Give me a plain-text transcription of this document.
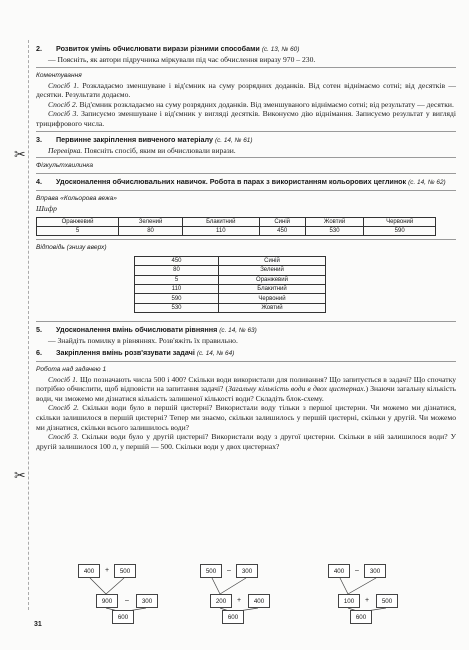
✂
✂
2.	Розвиток умінь обчислювати вирази різними способами (с. 13, № 60)
— Поясніть, як автори підручника міркували під час обчислення виразу 970 – 230.
Коментування
Спосіб 1. Розкладаємо зменшуване і від'ємник на суму розрядних доданків. Від сотен віднімаємо сотні; від десятків — десятки. Результати додаємо.
Спосіб 2. Від'ємник розкладаємо на суму розрядних доданків. Від зменшуваного віднімаємо сотні; від результату — десятки.
Спосіб 3. Записуємо зменшуване і від'ємник у вигляді десятків. Виконуємо дію віднімання. Записуємо результат у вигляді трицифрового числа.
3.	Первинне закріплення вивченого матеріалу (с. 14, № 61)
Перевірка. Поясніть спосіб, яким ви обчислювали вирази.
Фізкультхвилинка
4.	Удосконалення обчислювальних навичок. Робота в парах з використанням кольорових цеглинок (с. 14, № 62)
Вправа «Кольорова вежа»
Шифр
Оранжевий	Зелений	Блакитний	Синій	Жовтий	Червоний
5	80	110	450	530	590
Відповідь (знизу вверх)
450	Синій
80	Зелений
5	Оранжевий
110	Блакитний
590	Червоний
530	Жовтий
5.	Удосконалення вмінь обчислювати рівняння (с. 14, № 63)
— Знайдіть помилку в рівняннях. Розв'яжіть їх правильно.
6.	Закріплення вмінь розв'язувати задачі (с. 14, № 64)
Робота над задачею 1
Спосіб 1. Що позначають числа 500 і 400? Скільки води використали для поливання? Що запитується в задачі? Що спочатку потрібно обчислити, щоб відповісти на запитання задачі? (Загальну кількість води в двох цистернах.) Знаючи загальну кількість води, чи зможемо ми дізнатися кількість залишеної кількості води? Складіть блок-схему.
Спосіб 2. Скільки води було в першій цистерні? Використали воду тільки з першої цистерни. Чи можемо ми дізнатися, скільки залишилося в першій цистерні? Тепер ми знаємо, скільки залишилось у першій цистерні, скільки у другій. Чи можемо ми дізнатися, скільки всього залишилось води?
Спосіб 3. Скільки води було у другій цистерні? Використали воду з другої цистерни. Скільки в ній залишилося води? У другій залишилося 100 л, у першій — 500. Скільки води у двох цистернах?
400	+	500
900	–	300
600
500	–	300
200	+	400
600
400	–	300
100	+	500
600
31
